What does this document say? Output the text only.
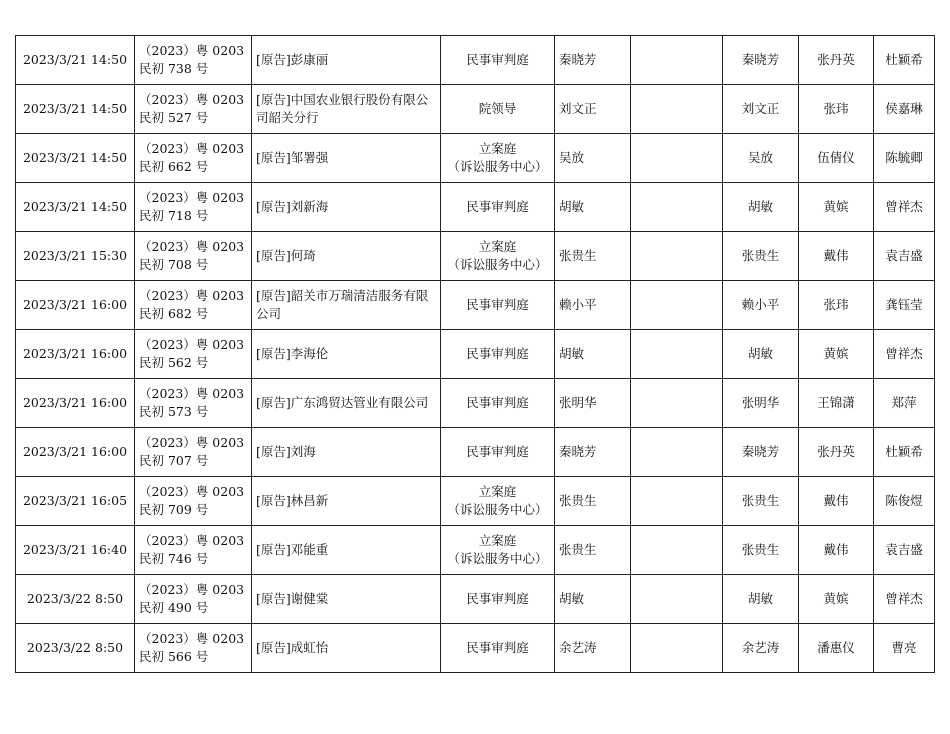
2023/3/21 14:50	（2023）粤 0203
民初 738 号	[原告]彭康丽	民事审判庭	秦晓芳		秦晓芳	张丹英	杜颖希
2023/3/21 14:50	（2023）粤 0203
民初 527 号	[原告]中国农业银行股份有限公司韶关分行	院领导	刘文正		刘文正	张玮	侯嘉琳
2023/3/21 14:50	（2023）粤 0203
民初 662 号	[原告]邹署强	立案庭
（诉讼服务中心）	吴放		吴放	伍倩仪	陈毓卿
2023/3/21 14:50	（2023）粤 0203
民初 718 号	[原告]刘新海	民事审判庭	胡敏		胡敏	黄嫔	曾祥杰
2023/3/21 15:30	（2023）粤 0203
民初 708 号	[原告]何琦	立案庭
（诉讼服务中心）	张贵生		张贵生	戴伟	袁吉盛
2023/3/21 16:00	（2023）粤 0203
民初 682 号	[原告]韶关市万瑞清洁服务有限公司	民事审判庭	赖小平		赖小平	张玮	龚钰莹
2023/3/21 16:00	（2023）粤 0203
民初 562 号	[原告]李海伦	民事审判庭	胡敏		胡敏	黄嫔	曾祥杰
2023/3/21 16:00	（2023）粤 0203
民初 573 号	[原告]广东鸿贸达管业有限公司	民事审判庭	张明华		张明华	王锦潇	郑萍
2023/3/21 16:00	（2023）粤 0203
民初 707 号	[原告]刘海	民事审判庭	秦晓芳		秦晓芳	张丹英	杜颖希
2023/3/21 16:05	（2023）粤 0203
民初 709 号	[原告]林昌新	立案庭
（诉讼服务中心）	张贵生		张贵生	戴伟	陈俊煜
2023/3/21 16:40	（2023）粤 0203
民初 746 号	[原告]邓能重	立案庭
（诉讼服务中心）	张贵生		张贵生	戴伟	袁吉盛
2023/3/22 8:50	（2023）粤 0203
民初 490 号	[原告]谢健棠	民事审判庭	胡敏		胡敏	黄嫔	曾祥杰
2023/3/22 8:50	（2023）粤 0203
民初 566 号	[原告]成虹怡	民事审判庭	余艺涛		余艺涛	潘惠仪	曹亮
